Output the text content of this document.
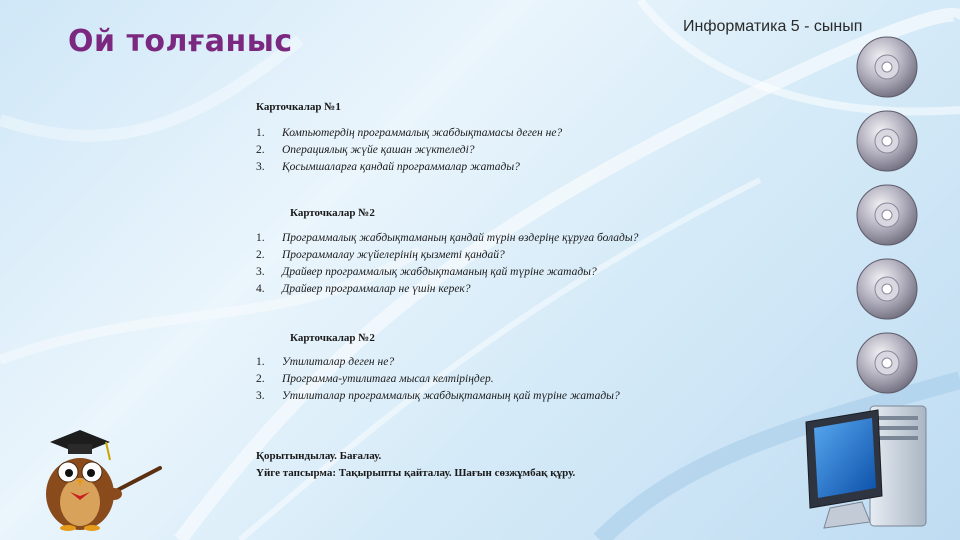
Ой толғаныс	Информатика 5 - сынып
Карточкалар №1
1.	Компьютердің программалық жабдықтамасы деген не?
2.	Операциялық жүйе қашан жүктеледі?
3.	Қосымшаларға қандай программалар жатады?
Карточкалар №2
1.	Программалық жабдықтаманың қандай түрін өздеріңе құруға болады?
2.	Программалау жүйелерінің қызметі қандай?
3.	Драйвер программалық жабдықтаманың қай түріне жатады?
4.	Драйвер программалар не үшін керек?
Карточкалар №2
1.	Утилиталар деген не?
2.	Программа-утилитаға мысал келтіріңдер.
3.	Утилиталар программалық жабдықтаманың қай түріне жатады?
Қорытындылау. Бағалау.
Үйге тапсырма: Тақырыпты қайталау. Шағын сөзжұмбақ құру.
